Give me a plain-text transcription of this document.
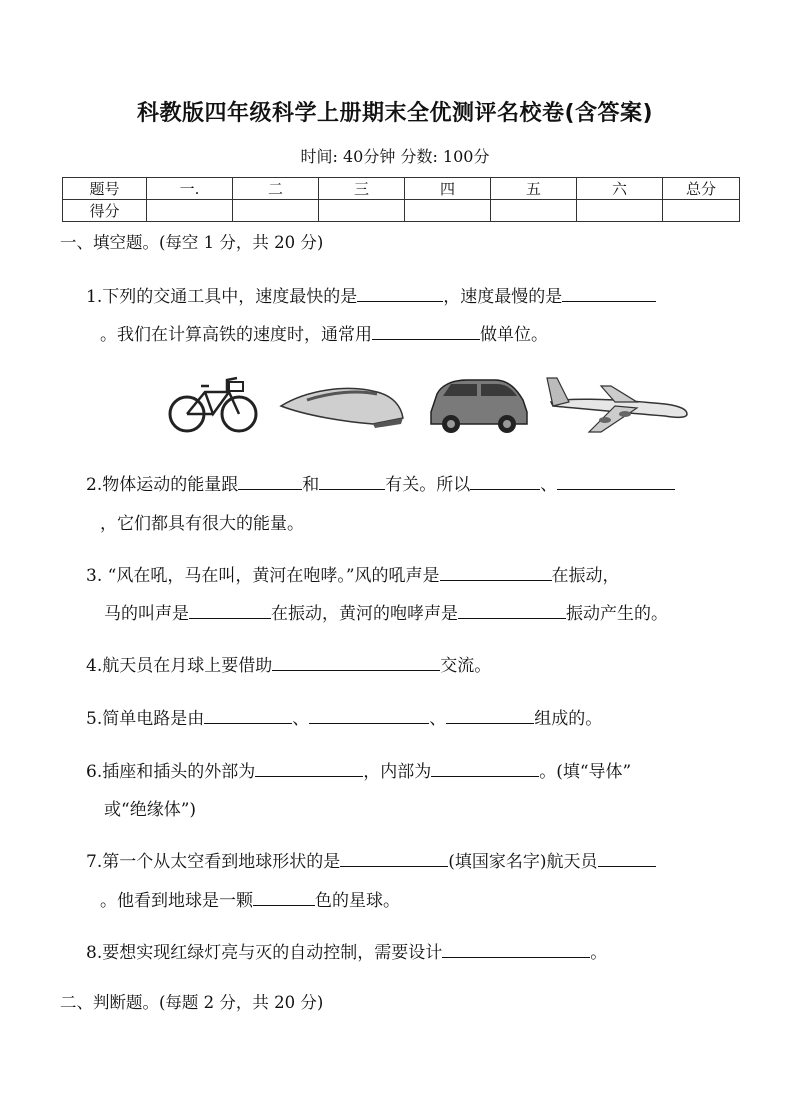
科教版四年级科学上册期末全优测评名校卷(含答案)
时间: 40分钟 分数: 100分
题号	一.	二	三	四	五	六	总分
得分							
一、填空题。(每空 1 分，共 20 分)
1.下列的交通工具中，速度最快的是	，速度最慢的是
。我们在计算高铁的速度时，通常用	做单位。
2.物体运动的能量跟	和	有关。所以	、
，它们都具有很大的能量。
3. “风在吼，马在叫，黄河在咆哮。”风的吼声是	在振动，
马的叫声是	在振动，黄河的咆哮声是	振动产生的。
4.航天员在月球上要借助	交流。
5.简单电路是由	、	、	组成的。
6.插座和插头的外部为	，内部为	。(填“导体”
或“绝缘体”)
7.第一个从太空看到地球形状的是	(填国家名字)航天员
。他看到地球是一颗	色的星球。
8.要想实现红绿灯亮与灭的自动控制，需要设计	。
二、判断题。(每题 2 分，共 20 分)
